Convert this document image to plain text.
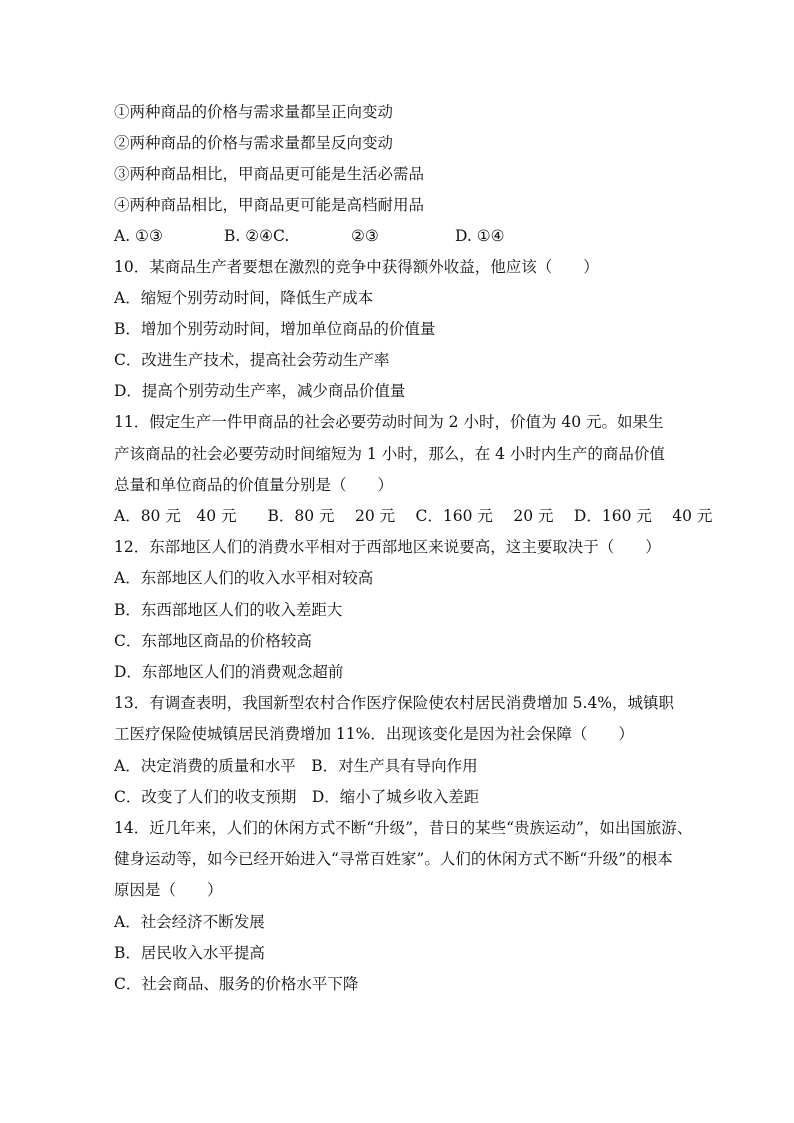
①两种商品的价格与需求量都呈正向变动
②两种商品的价格与需求量都呈反向变动
③两种商品相比，甲商品更可能是生活必需品
④两种商品相比，甲商品更可能是高档耐用品
A. ①③	B. ②④C.	②③	D. ①④
10．某商品生产者要想在激烈的竞争中获得额外收益，他应该（　　）
A．缩短个别劳动时间，降低生产成本
B．增加个别劳动时间，增加单位商品的价值量
C．改进生产技术，提高社会劳动生产率
D．提高个别劳动生产率，减少商品价值量
11．假定生产一件甲商品的社会必要劳动时间为 2 小时，价值为 40 元。如果生
产该商品的社会必要劳动时间缩短为 1 小时，那么，在 4 小时内生产的商品价值
总量和单位商品的价值量分别是（　　）
A．80 元　40 元　　B．80 元　 20 元　 C．160 元　 20 元　 D．160 元　 40 元
12．东部地区人们的消费水平相对于西部地区来说要高，这主要取决于（　　）
A．东部地区人们的收入水平相对较高
B．东西部地区人们的收入差距大
C．东部地区商品的价格较高
D．东部地区人们的消费观念超前
13．有调查表明，我国新型农村合作医疗保险使农村居民消费增加 5.4%，城镇职
工医疗保险使城镇居民消费增加 11%．出现该变化是因为社会保障（　　）
A．决定消费的质量和水平　B．对生产具有导向作用
C．改变了人们的收支预期　D．缩小了城乡收入差距
14．近几年来，人们的休闲方式不断“升级”，昔日的某些“贵族运动”，如出国旅游、
健身运动等，如今已经开始进入“寻常百姓家”。人们的休闲方式不断“升级”的根本
原因是（　　）
A．社会经济不断发展
B．居民收入水平提高
C．社会商品、服务的价格水平下降
